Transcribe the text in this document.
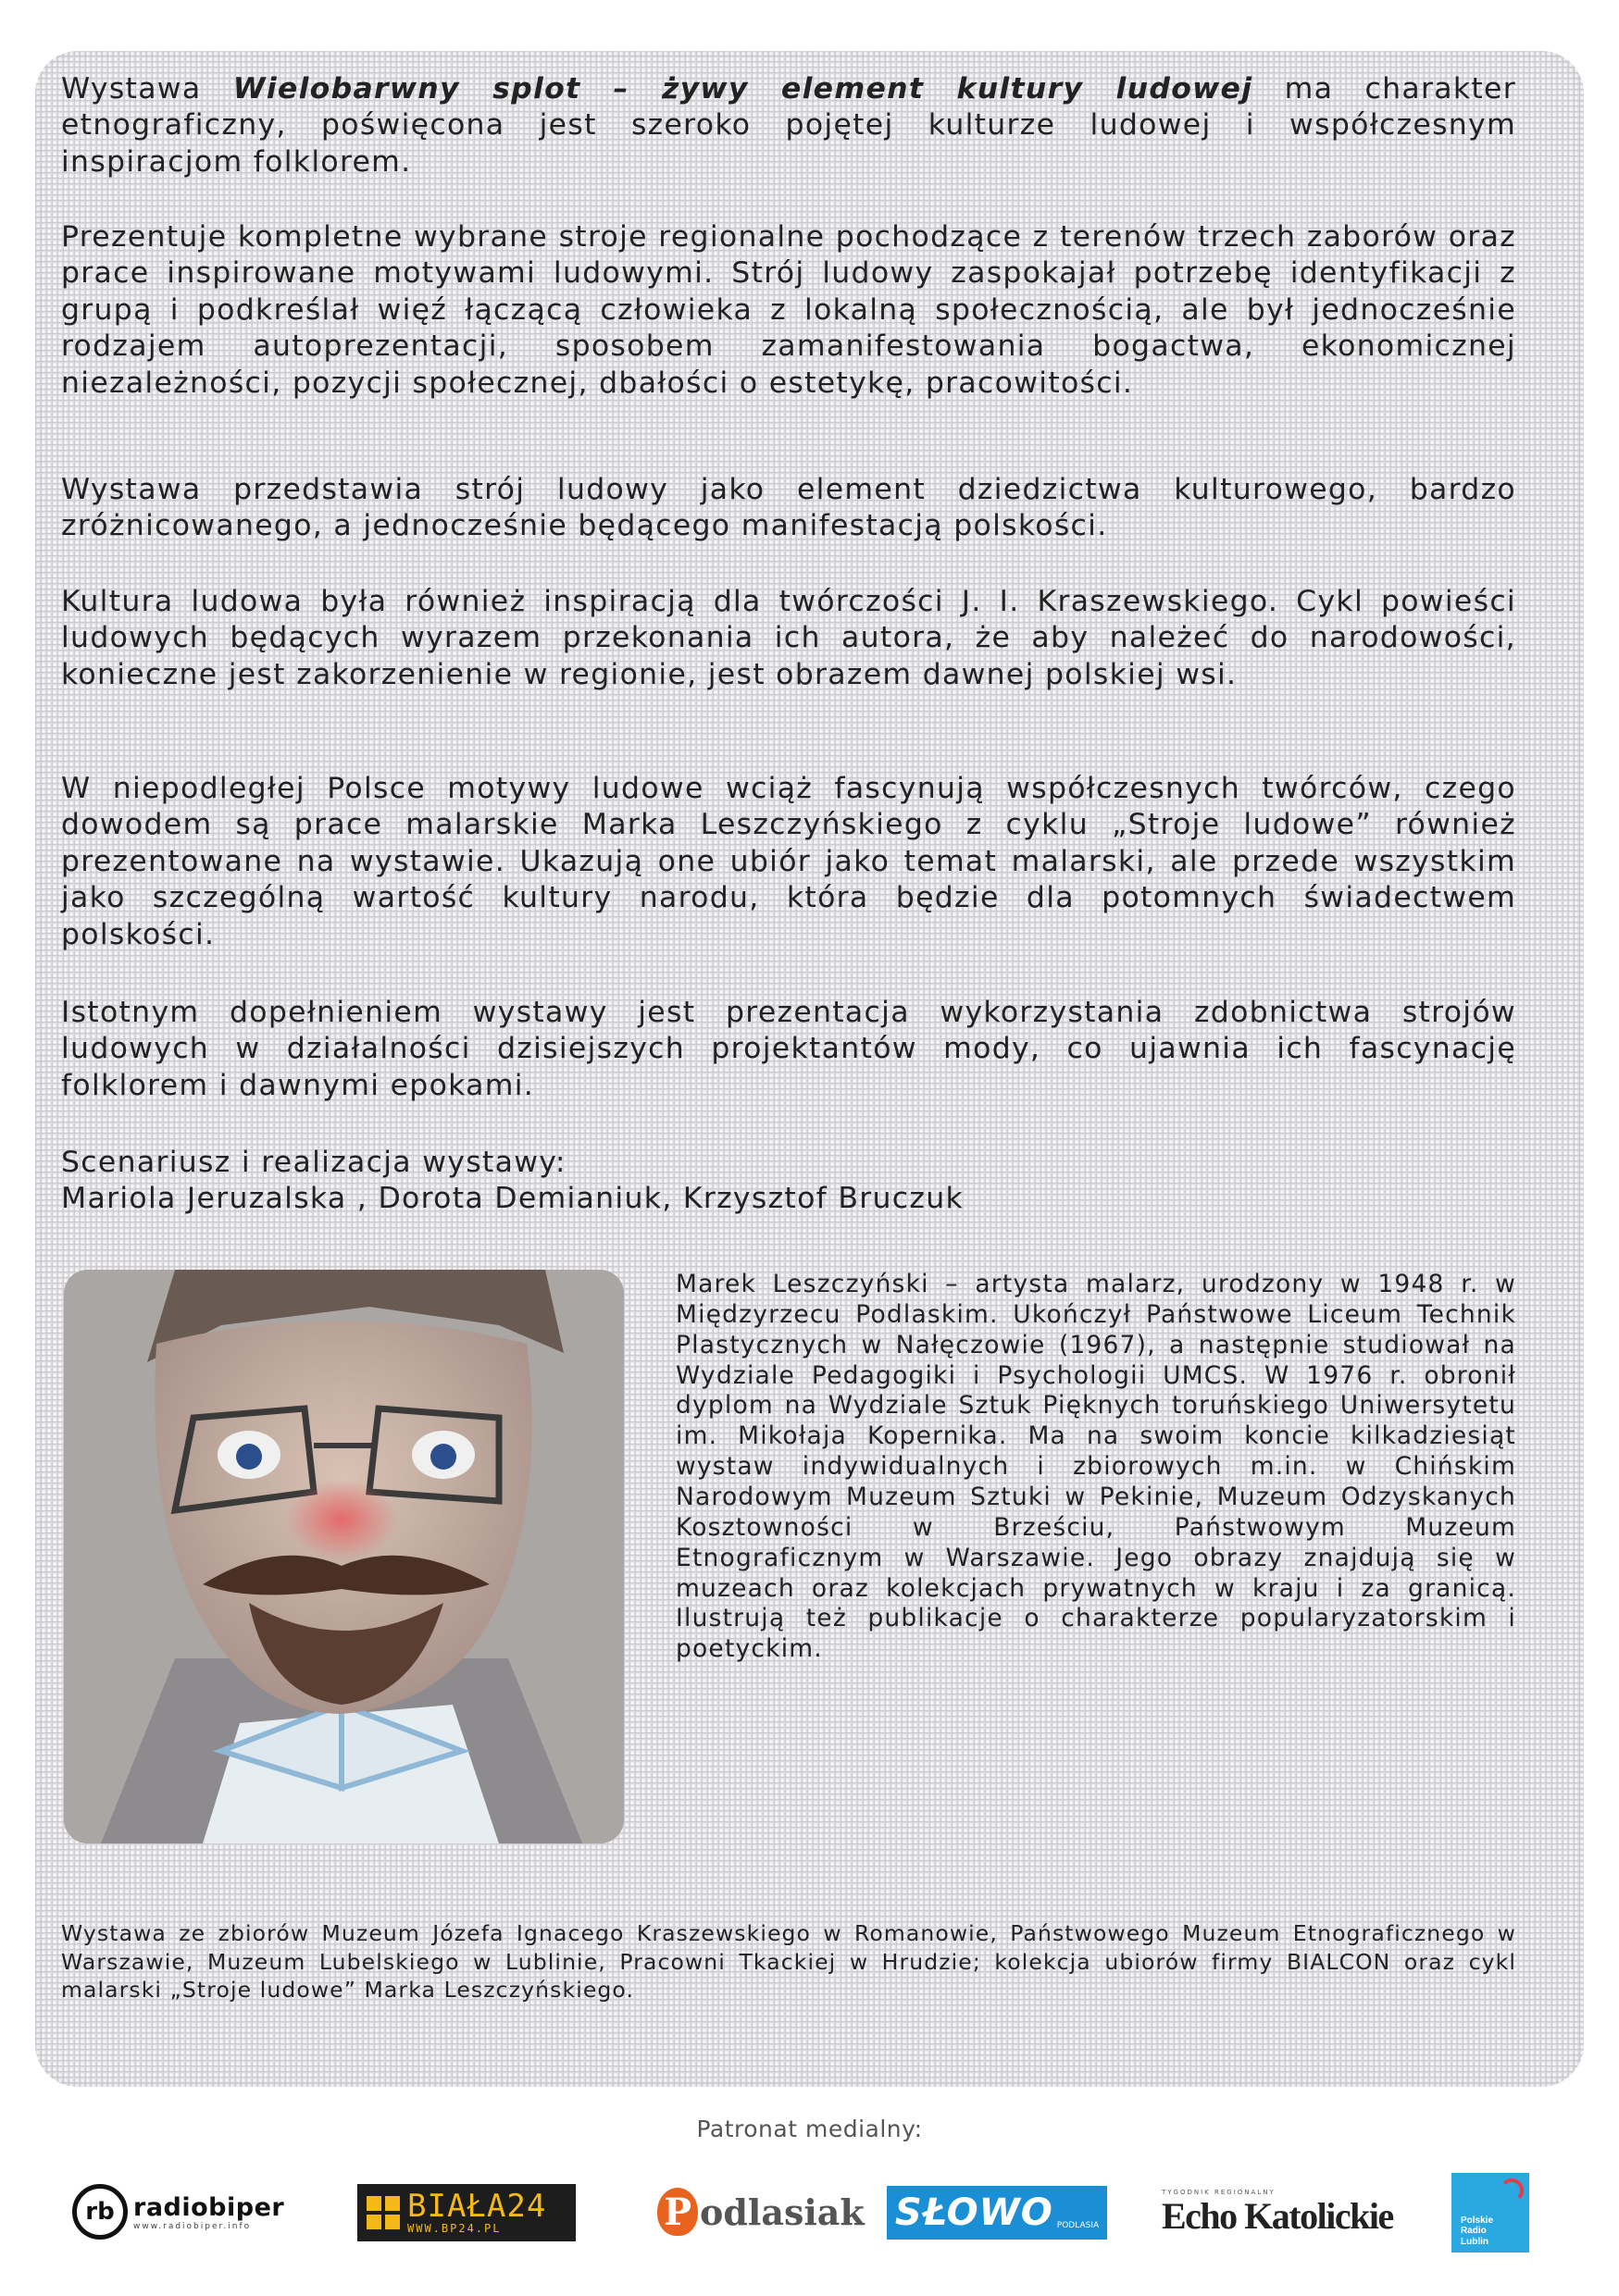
Wystawa Wielobarwny splot – żywy element kultury ludowej ma charakter etnograficzny, poświęcona jest szeroko pojętej kulturze ludowej i współczesnym inspiracjom folklorem.

Prezentuje kompletne wybrane stroje regionalne pochodzące z terenów trzech zaborów oraz prace inspirowane motywami ludowymi. Strój ludowy zaspokajał potrzebę identyfikacji z grupą i podkreślał więź łączącą człowieka z lokalną społecznością, ale był jednocześnie rodzajem autoprezentacji, sposobem zamanifestowania bogactwa, ekonomicznej niezależności, pozycji społecznej, dbałości o estetykę, pracowitości.

Wystawa przedstawia strój ludowy jako element dziedzictwa kulturowego, bardzo zróżnicowanego, a jednocześnie będącego manifestacją polskości.

Kultura ludowa była również inspiracją dla twórczości J. I. Kraszewskiego. Cykl powieści ludowych będących wyrazem przekonania ich autora, że aby należeć do narodowości, konieczne jest zakorzenienie w regionie, jest obrazem dawnej polskiej wsi.

W niepodległej Polsce motywy ludowe wciąż fascynują współczesnych twórców, czego dowodem są prace malarskie Marka Leszczyńskiego z cyklu „Stroje ludowe” również prezentowane na wystawie. Ukazują one ubiór jako temat malarski, ale przede wszystkim jako szczególną wartość kultury narodu, która będzie dla potomnych świadectwem polskości.

Istotnym dopełnieniem wystawy jest prezentacja wykorzystania zdobnictwa strojów ludowych w działalności dzisiejszych projektantów mody, co ujawnia ich fascynację folklorem i dawnymi epokami.

Scenariusz i realizacja wystawy:
Mariola Jeruzalska , Dorota Demianiuk, Krzysztof Bruczuk

Marek Leszczyński – artysta malarz, urodzony w 1948 r. w Międzyrzecu Podlaskim. Ukończył Państwowe Liceum Technik Plastycznych w Nałęczowie (1967), a następnie studiował na Wydziale Pedagogiki i Psychologii UMCS. W 1976 r. obronił dyplom na Wydziale Sztuk Pięknych toruńskiego Uniwersytetu im. Mikołaja Kopernika. Ma na swoim koncie kilkadziesiąt wystaw indywidualnych i zbiorowych m.in. w Chińskim Narodowym Muzeum Sztuki w Pekinie, Muzeum Odzyskanych Kosztowności w Brześciu, Państwowym Muzeum Etnograficznym w Warszawie. Jego obrazy znajdują się w muzeach oraz kolekcjach prywatnych w kraju i za granicą. Ilustrują też publikacje o charakterze popularyzatorskim i poetyckim.

Wystawa ze zbiorów Muzeum Józefa Ignacego Kraszewskiego w Romanowie, Państwowego Muzeum Etnograficznego w Warszawie, Muzeum Lubelskiego w Lublinie, Pracowni Tkackiej w Hrudzie; kolekcja ubiorów firmy BIALCON oraz cykl malarski „Stroje ludowe” Marka Leszczyńskiego.

Patronat medialny:

rb radiobiper
www.radiobiper.info
BIAŁA24
WWW.BP24.PL	P odlasiak SŁOWO PODLASIA
TYGODNIK REGIONALNY
Echo Katolickie	Polskie
Radio
Lublin
